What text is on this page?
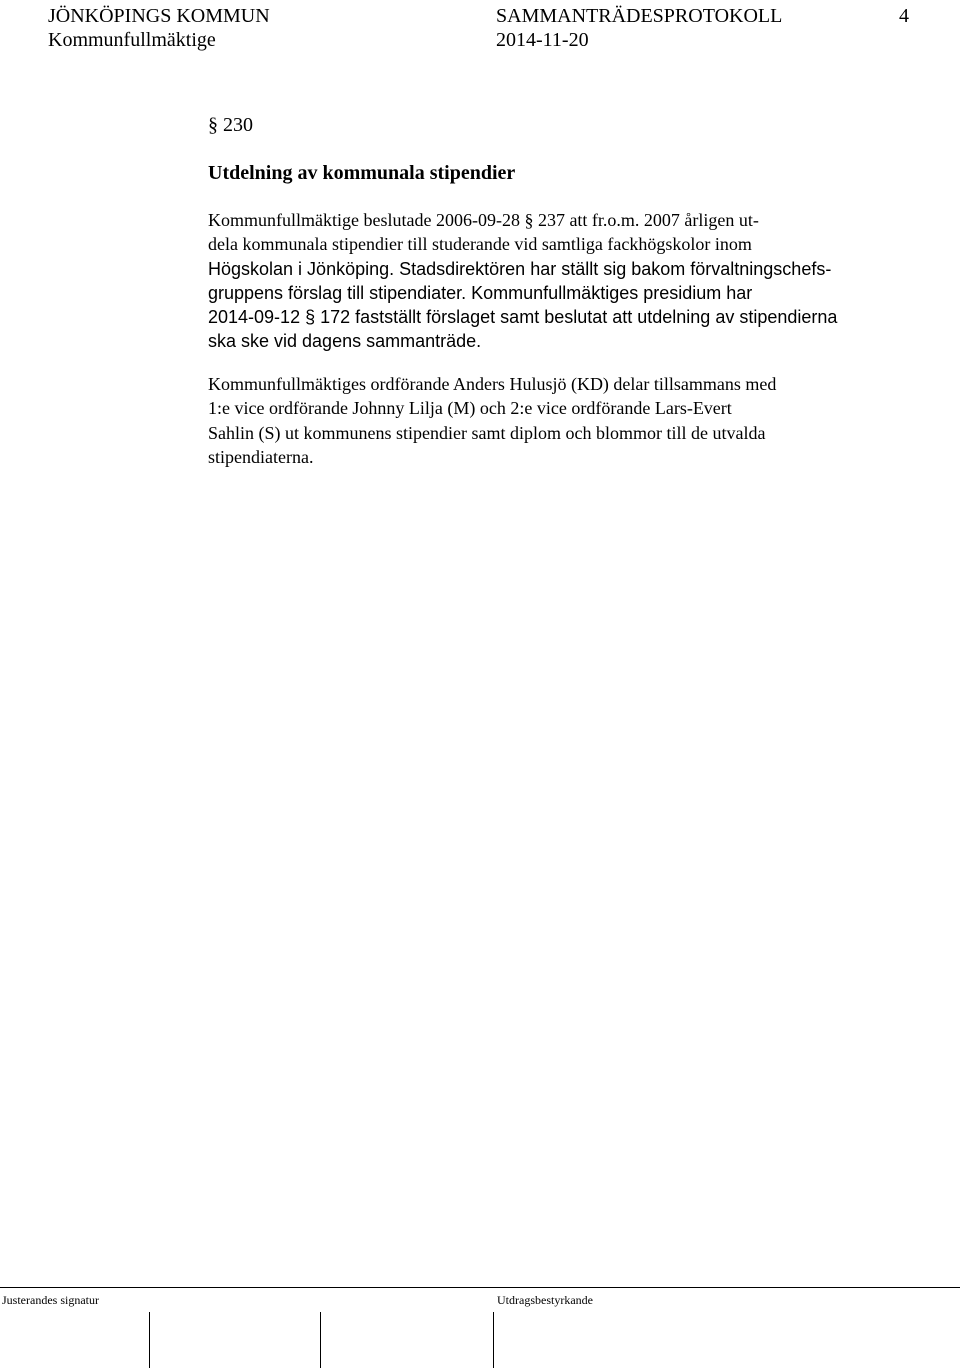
JÖNKÖPINGS KOMMUN
Kommunfullmäktige
SAMMANTRÄDESPROTOKOLL
2014-11-20
4
§ 230
Utdelning av kommunala stipendier
Kommunfullmäktige beslutade 2006-09-28 § 237 att fr.o.m. 2007 årligen ut-
dela kommunala stipendier till studerande vid samtliga fackhögskolor inom
Högskolan i Jönköping. Stadsdirektören har ställt sig bakom förvaltningschefs-
gruppens förslag till stipendiater. Kommunfullmäktiges presidium har
2014-09-12 § 172 fastställt förslaget samt beslutat att utdelning av stipendierna
ska ske vid dagens sammanträde.
Kommunfullmäktiges ordförande Anders Hulusjö (KD) delar tillsammans med
1:e vice ordförande Johnny Lilja (M) och 2:e vice ordförande Lars-Evert
Sahlin (S) ut kommunens stipendier samt diplom och blommor till de utvalda
stipendiaterna.
Justerandes signatur	Utdragsbestyrkande
